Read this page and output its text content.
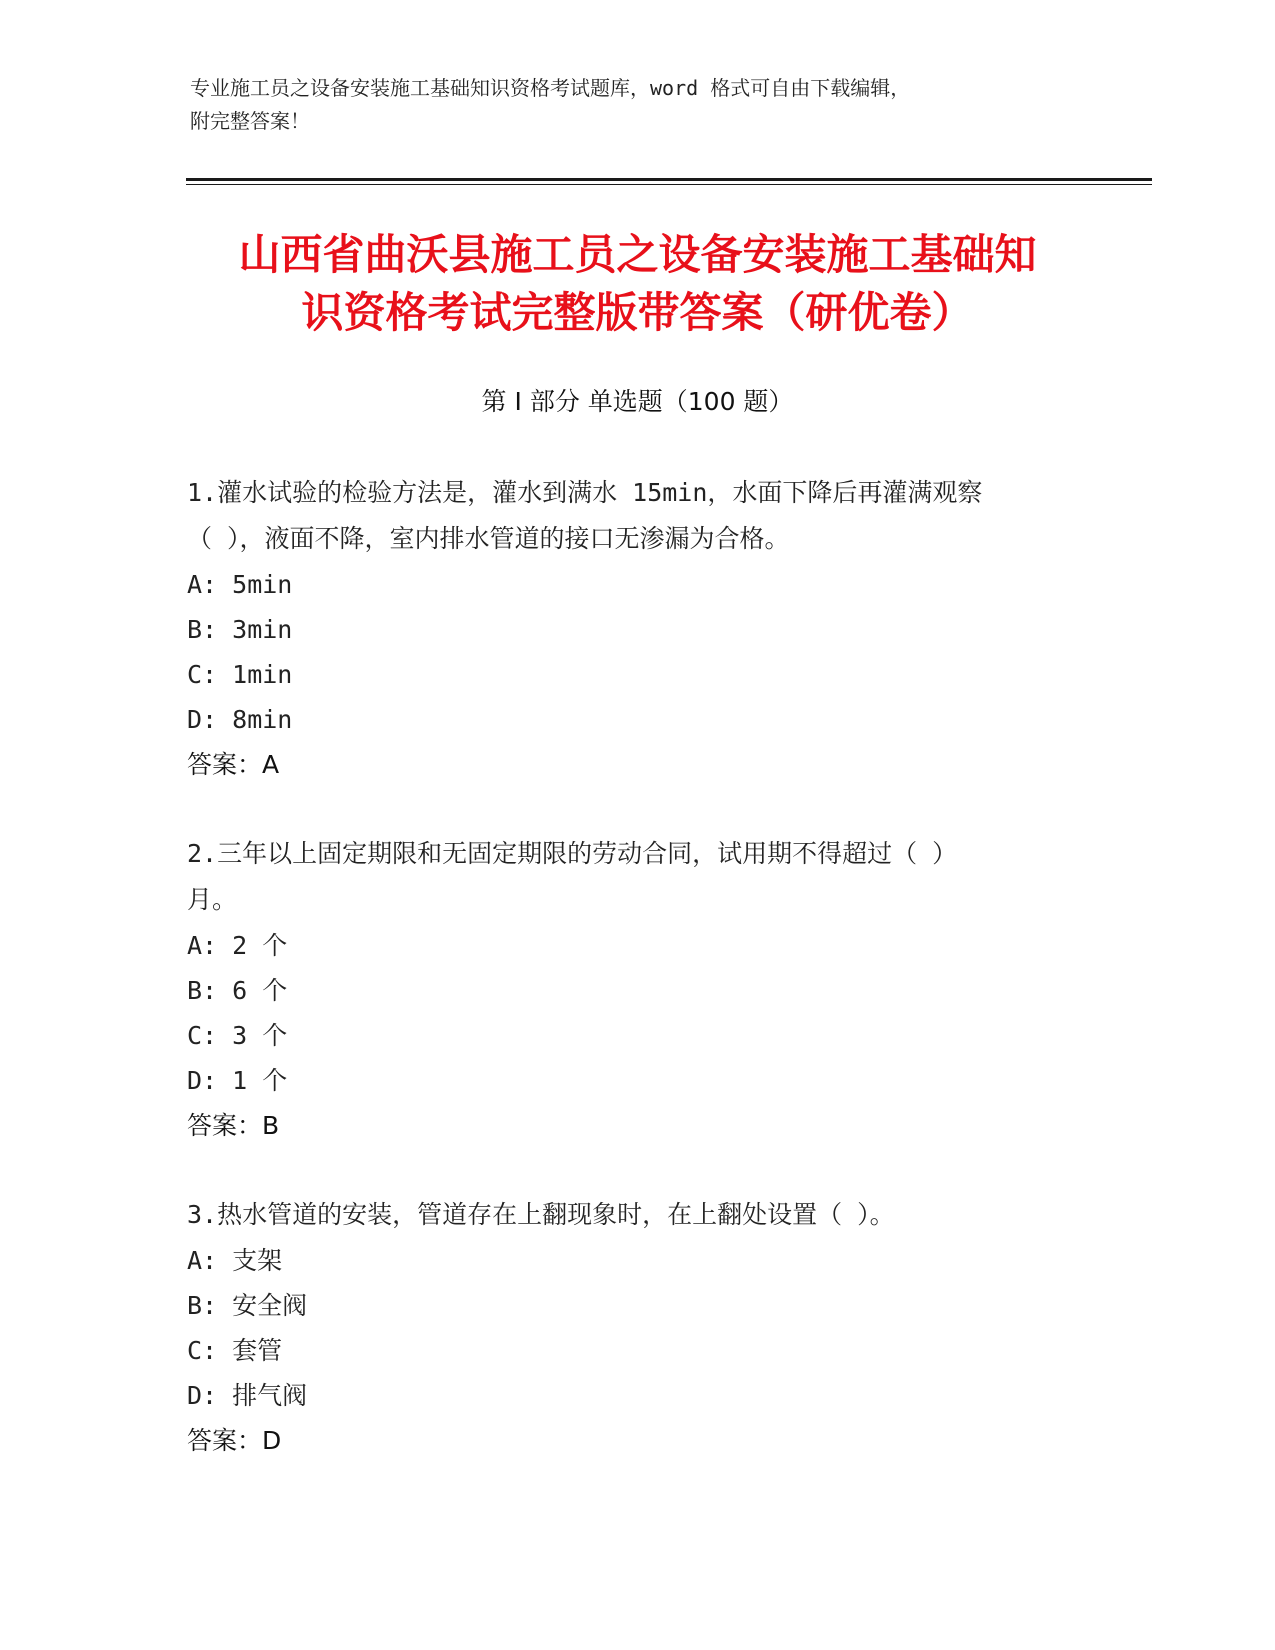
专业施工员之设备安装施工基础知识资格考试题库，word 格式可自由下载编辑，
附完整答案！
山西省曲沃县施工员之设备安装施工基础知
识资格考试完整版带答案（研优卷）
第 I 部分 单选题（100 题）
1.灌水试验的检验方法是，灌水到满水 15min，水面下降后再灌满观察
（ ），液面不降，室内排水管道的接口无渗漏为合格。
A: 5min
B: 3min
C: 1min
D: 8min
答案：A
2.三年以上固定期限和无固定期限的劳动合同，试用期不得超过（ ）
月。
A: 2 个
B: 6 个
C: 3 个
D: 1 个
答案：B
3.热水管道的安装，管道存在上翻现象时，在上翻处设置（ ）。
A: 支架
B: 安全阀
C: 套管
D: 排气阀
答案：D
